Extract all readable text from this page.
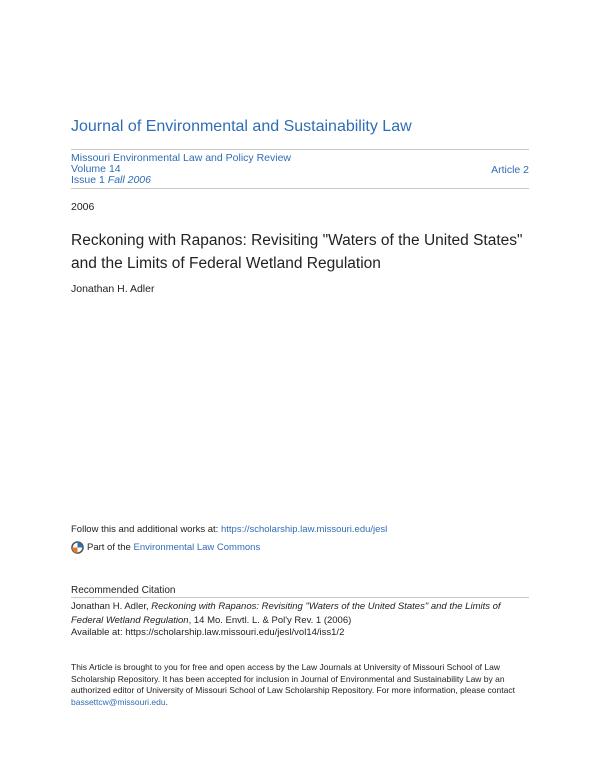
Journal of Environmental and Sustainability Law
Missouri Environmental Law and Policy Review
Volume 14
Issue 1 Fall 2006
Article 2
2006
Reckoning with Rapanos: Revisiting "Waters of the United States" and the Limits of Federal Wetland Regulation
Jonathan H. Adler
Follow this and additional works at: https://scholarship.law.missouri.edu/jesl
Part of the
Environmental Law Commons
Recommended Citation
Jonathan H. Adler, Reckoning with Rapanos: Revisiting "Waters of the United States" and the Limits of Federal Wetland Regulation, 14 Mo. Envtl. L. & Pol'y Rev. 1 (2006)
Available at: https://scholarship.law.missouri.edu/jesl/vol14/iss1/2
This Article is brought to you for free and open access by the Law Journals at University of Missouri School of Law Scholarship Repository. It has been accepted for inclusion in Journal of Environmental and Sustainability Law by an authorized editor of University of Missouri School of Law Scholarship Repository. For more information, please contact bassettcw@missouri.edu.
